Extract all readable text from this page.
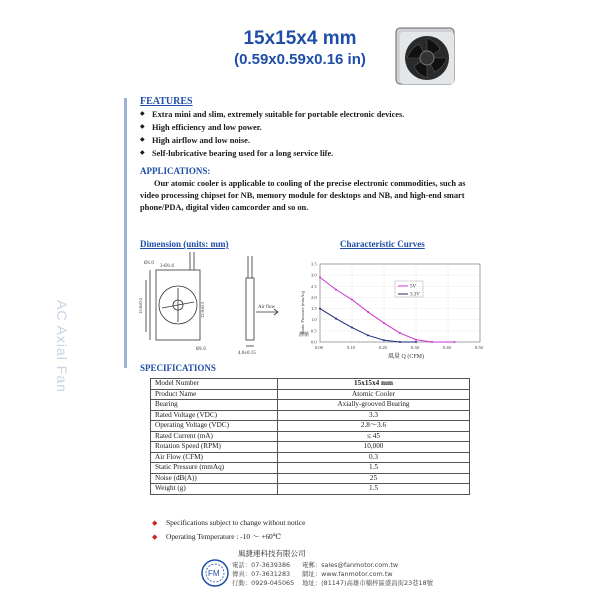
15x15x4 mm
(0.59x0.59x0.16 in)
AC Axial Fan
FEATURES
◆ Extra mini and slim, extremely suitable for portable electronic devices.
◆ High efficiency and low power.
◆ High airflow and low noise.
◆ Self-lubricative bearing used for a long service life.
APPLICATIONS:
Our atomic cooler is applicable to cooling of the precise electronic commodities, such as video processing chipset for NB, memory module for desktops and NB, and high-end smart phone/PDA, digital video camcorder and so on.
Dimension (units: mm)	Characteristic Curves
3-Ø1.6
Ø1.0
Air flow
4.0±0.15
15.0±0.5	12.0±0.3
Ø1.6
靜壓
Static Pressure (mmAq)
風量 Q (CFM)
0.00	0.10	0.20	0.30	0.40	0.50
0.0
0.5
1.0
1.5
2.0
2.5
3.0
3.5
5V
3.3V
SPECIFICATIONS
Model Number	15x15x4 mm
Product Name	Atomic Cooler
Bearing	Axially-grooved Bearing
Rated Voltage (VDC)	3.3
Operating Voltage (VDC)	2.8～3.6
Rated Current (mA)	≤ 45
Rotation Speed (RPM)	10,000
Air Flow (CFM)	0.3
Static Pressure (mmAq)	1.5
Noise (dB(A))	25
Weight (g)	1.5
◆ Specifications subject to change without notice
◆ Operating Temperature : -10 ～ +60℃
風捷連科技有限公司
FM
電話：07-3639386	電郵：sales@fanmotor.com.tw
傳真：07-3631283	網址：www.fanmotor.com.tw
行動：0929-045065	地址：(81147)高雄市楠梓區盛昌街23巷18號
